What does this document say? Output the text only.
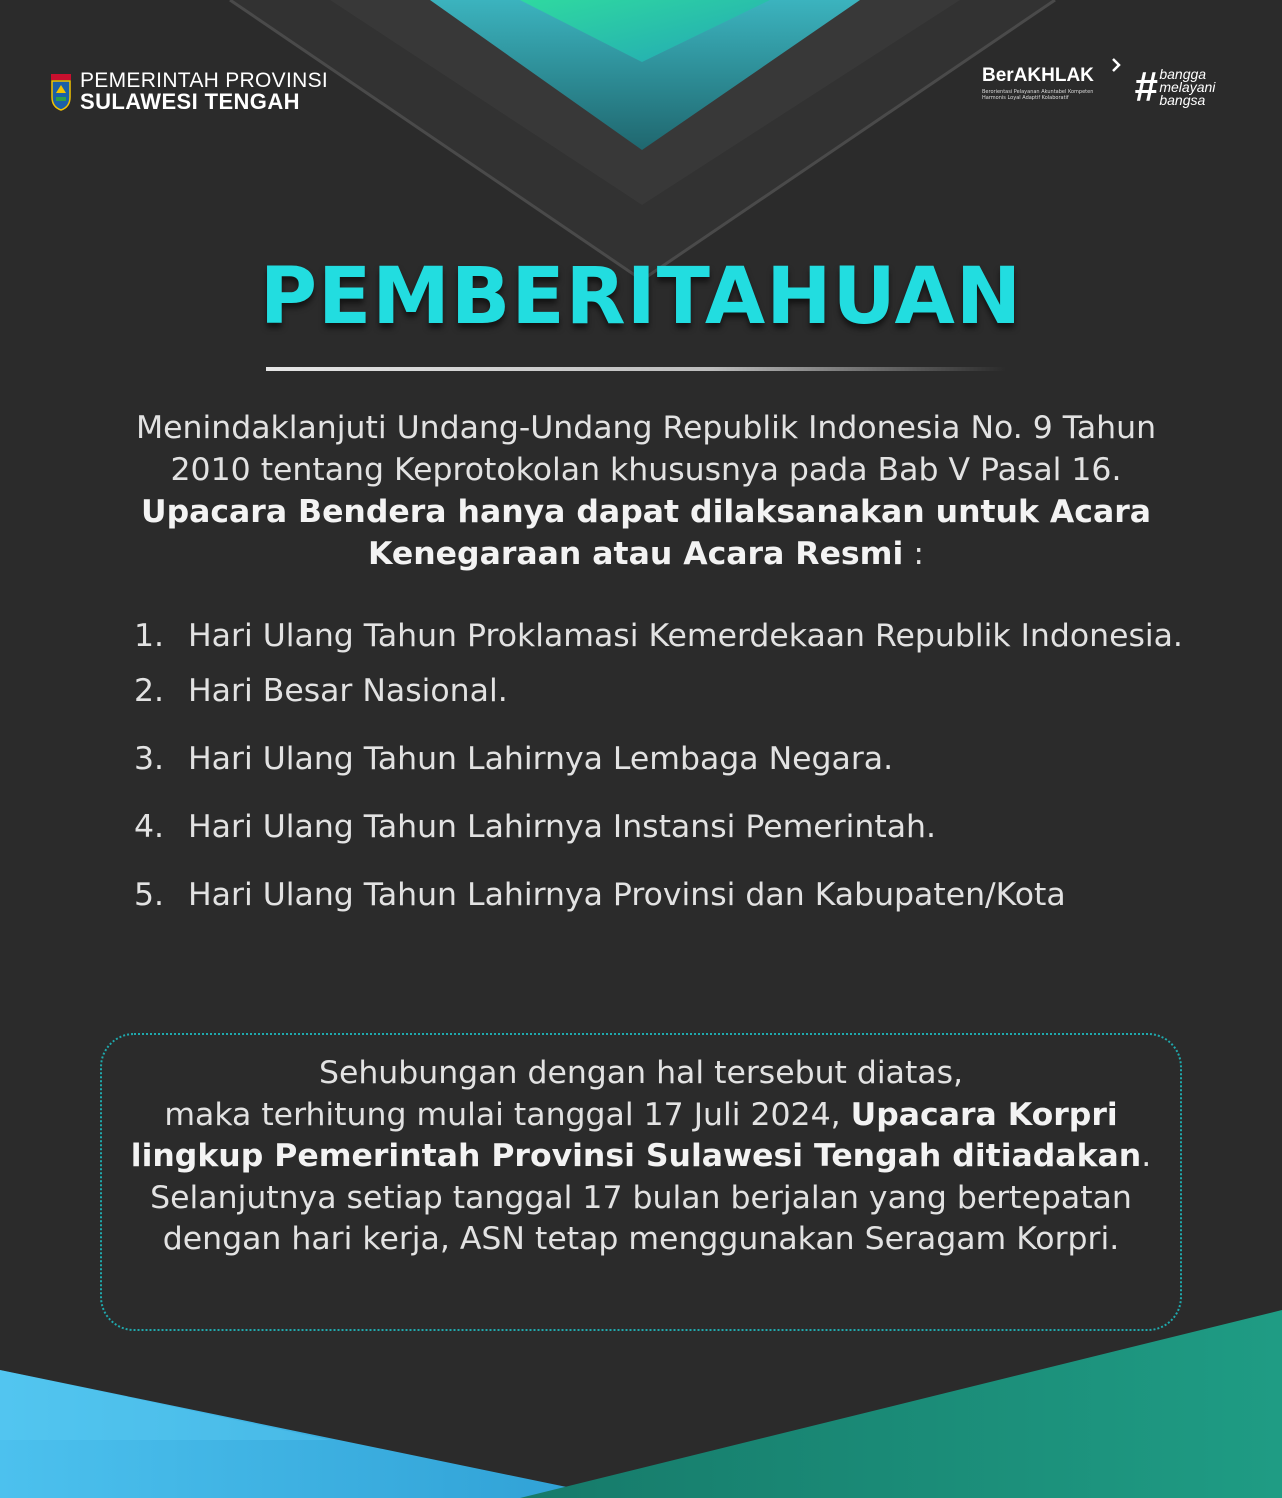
PEMERINTAH PROVINSI
SULAWESI TENGAH
BerAKHLAK
Berorientasi Pelayanan Akuntabel Kompeten Harmonis Loyal Adaptif Kolaboratif	# bangga
melayani
bangsa
PEMBERITAHUAN

Menindaklanjuti Undang-Undang Republik Indonesia No. 9 Tahun 2010 tentang Keprotokolan khususnya pada Bab V Pasal 16. Upacara Bendera hanya dapat dilaksanakan untuk Acara Kenegaraan atau Acara Resmi :

1. Hari Ulang Tahun Proklamasi Kemerdekaan Republik Indonesia.
2. Hari Besar Nasional.
3. Hari Ulang Tahun Lahirnya Lembaga Negara.
4. Hari Ulang Tahun Lahirnya Instansi Pemerintah.
5. Hari Ulang Tahun Lahirnya Provinsi dan Kabupaten/Kota

Sehubungan dengan hal tersebut diatas,
maka terhitung mulai tanggal 17 Juli 2024, Upacara Korpri lingkup Pemerintah Provinsi Sulawesi Tengah ditiadakan.
Selanjutnya setiap tanggal 17 bulan berjalan yang bertepatan dengan hari kerja, ASN tetap menggunakan Seragam Korpri.
